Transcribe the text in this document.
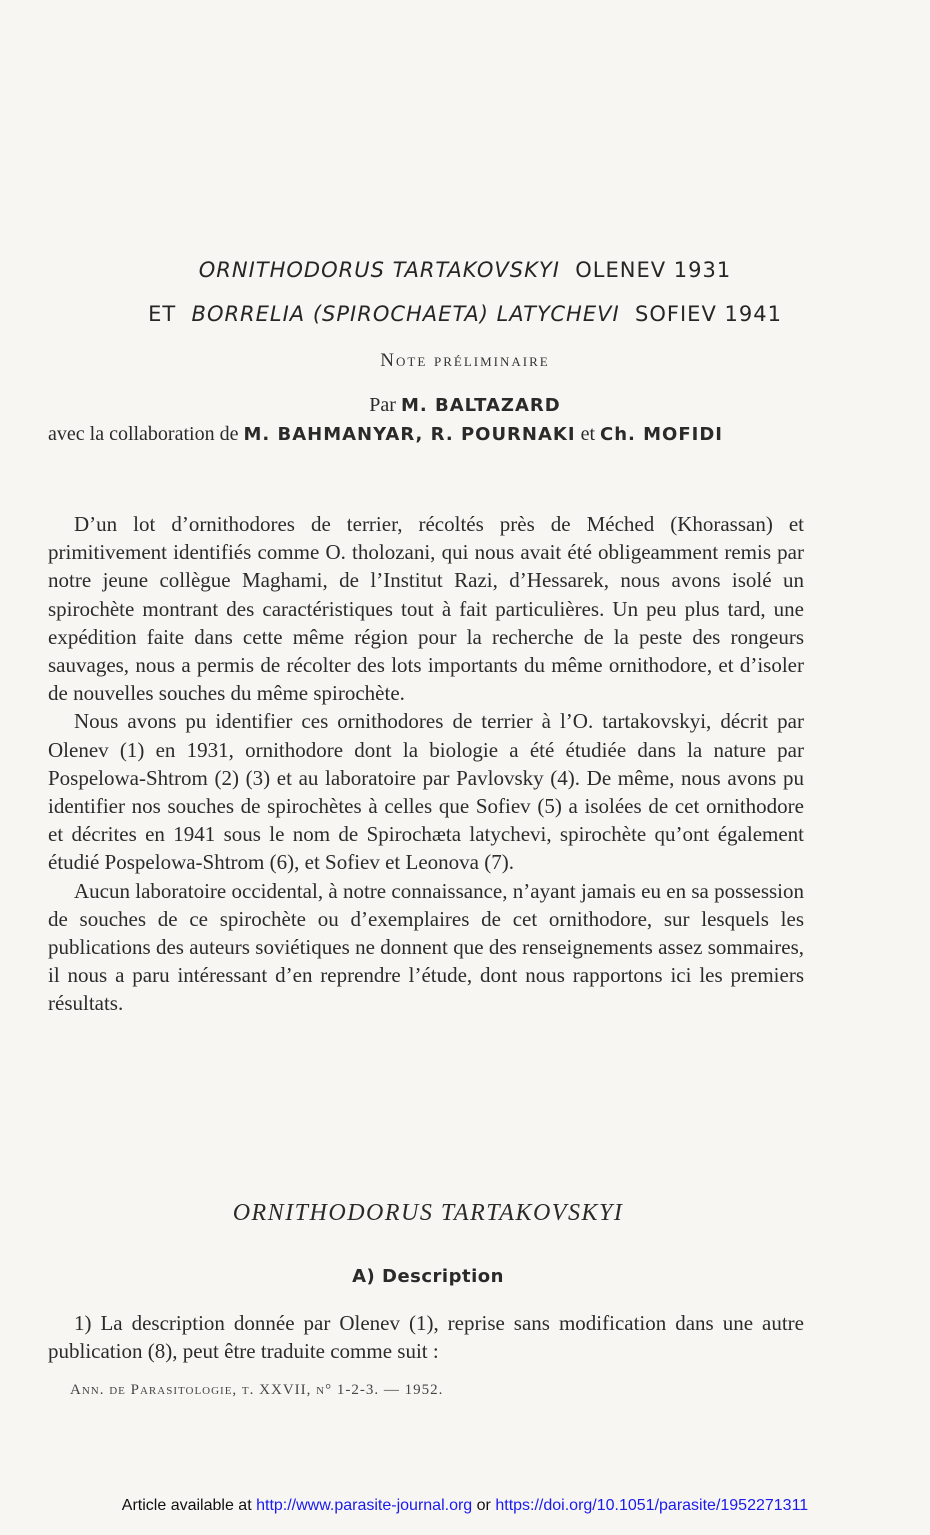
ORNITHODORUS TARTAKOVSKYI OLENEV 1931
ET BORRELIA (SPIROCHAETA) LATYCHEVI SOFIEV 1941
Note préliminaire
Par M. BALTAZARD
avec la collaboration de M. BAHMANYAR, R. POURNAKI et Ch. MOFIDI

D’un lot d’ornithodores de terrier, récoltés près de Méched (Khorassan) et primitivement identifiés comme O. tholozani, qui nous avait été obligeamment remis par notre jeune collègue Maghami, de l’Institut Razi, d’Hessarek, nous avons isolé un spirochète montrant des caractéristiques tout à fait particulières. Un peu plus tard, une expédition faite dans cette même région pour la recherche de la peste des rongeurs sauvages, nous a permis de récolter des lots importants du même ornithodore, et d’isoler de nouvelles souches du même spirochète.

Nous avons pu identifier ces ornithodores de terrier à l’O. tartakovskyi, décrit par Olenev (1) en 1931, ornithodore dont la biologie a été étudiée dans la nature par Pospelowa-Shtrom (2) (3) et au laboratoire par Pavlovsky (4). De même, nous avons pu identifier nos souches de spirochètes à celles que Sofiev (5) a isolées de cet ornithodore et décrites en 1941 sous le nom de Spirochæta latychevi, spirochète qu’ont également étudié Pospelowa-Shtrom (6), et Sofiev et Leonova (7).

Aucun laboratoire occidental, à notre connaissance, n’ayant jamais eu en sa possession de souches de ce spirochète ou d’exemplaires de cet ornithodore, sur lesquels les publications des auteurs soviétiques ne donnent que des renseignements assez sommaires, il nous a paru intéressant d’en reprendre l’étude, dont nous rapportons ici les premiers résultats.

ORNITHODORUS TARTAKOVSKYI
A) Description

1) La description donnée par Olenev (1), reprise sans modification dans une autre publication (8), peut être traduite comme suit :

Ann. de Parasitologie, t. XXVII, n° 1-2-3. — 1952.
Article available at http://www.parasite-journal.org or https://doi.org/10.1051/parasite/1952271311
